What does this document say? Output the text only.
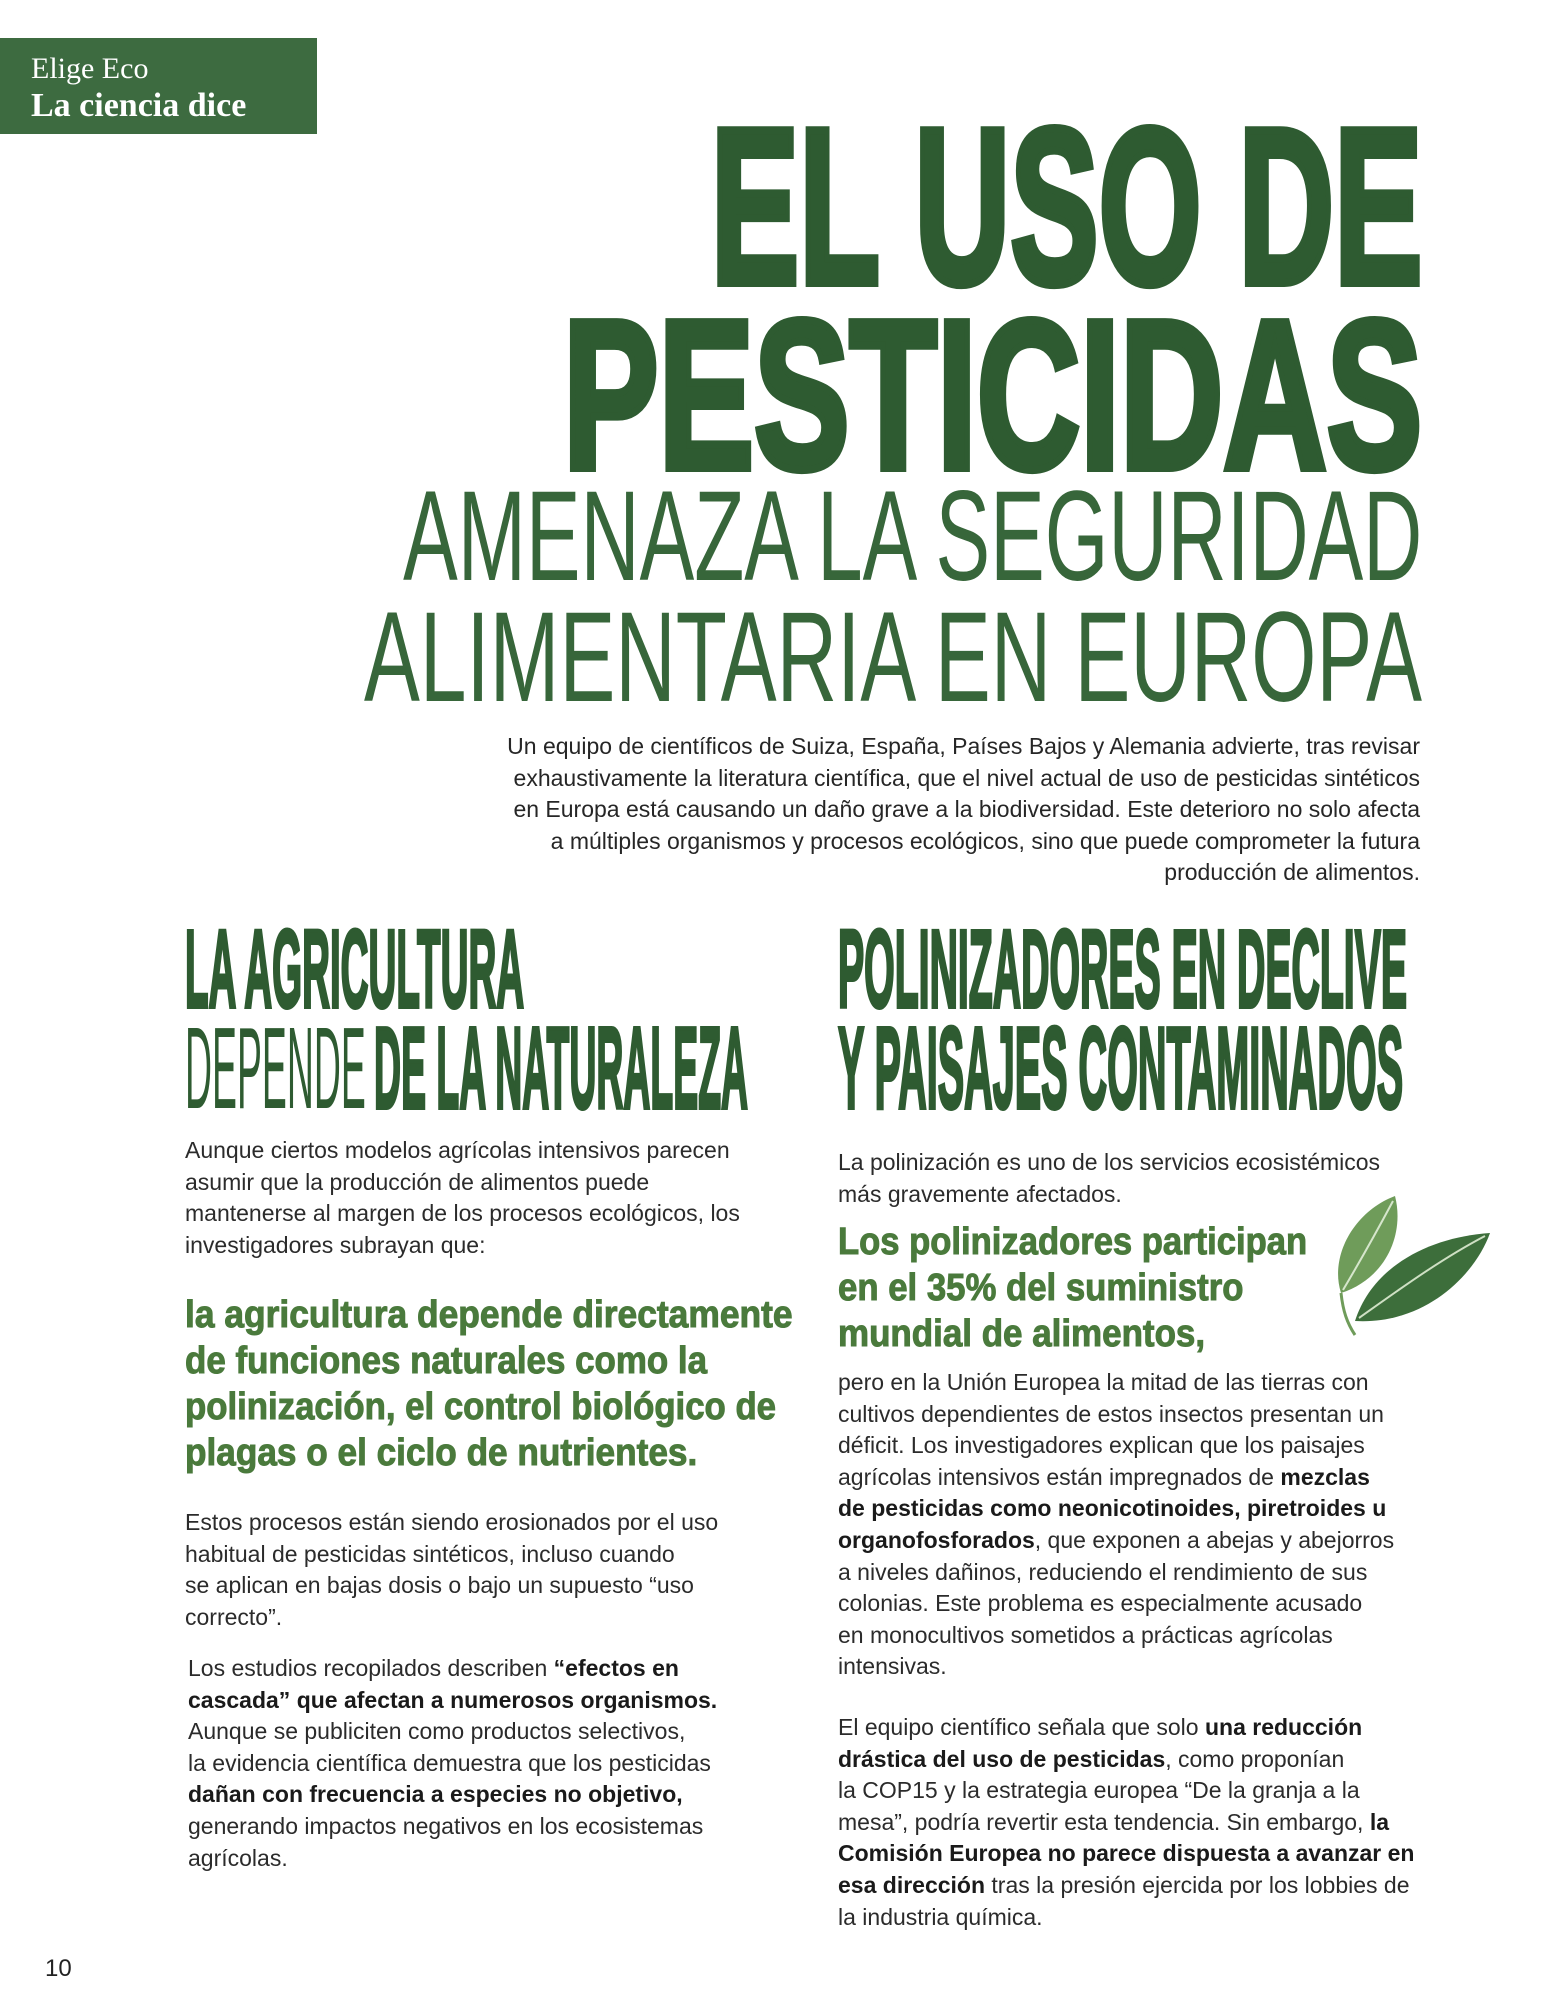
Elige Eco
La ciencia dice EL USO DE
PESTICIDAS
AMENAZA LA SEGURIDAD
ALIMENTARIA EN EUROPA
Un equipo de científicos de Suiza, España, Países Bajos y Alemania advierte, tras revisar
exhaustivamente la literatura científica, que el nivel actual de uso de pesticidas sintéticos
en Europa está causando un daño grave a la biodiversidad. Este deterioro no solo afecta
a múltiples organismos y procesos ecológicos, sino que puede comprometer la futura
producción de alimentos.
LA AGRICULTURA
DEPENDEDE LA NATURALEZA
Aunque ciertos modelos agrícolas intensivos parecen
asumir que la producción de alimentos puede
mantenerse al margen de los procesos ecológicos, los
investigadores subrayan que:
la agricultura depende directamente
de funciones naturales como la
polinización, el control biológico de
plagas o el ciclo de nutrientes.
Estos procesos están siendo erosionados por el uso
habitual de pesticidas sintéticos, incluso cuando
se aplican en bajas dosis o bajo un supuesto “uso
correcto”.
Los estudios recopilados describen “efectos en
cascada” que afectan a numerosos organismos.
Aunque se publiciten como productos selectivos,
la evidencia científica demuestra que los pesticidas
dañan con frecuencia a especies no objetivo,
generando impactos negativos en los ecosistemas
agrícolas.
POLINIZADORES EN DECLIVE
Y PAISAJES CONTAMINADOS
La polinización es uno de los servicios ecosistémicos
más gravemente afectados.
Los polinizadores participan
en el 35% del suministro
mundial de alimentos,
pero en la Unión Europea la mitad de las tierras con
cultivos dependientes de estos insectos presentan un
déficit. Los investigadores explican que los paisajes
agrícolas intensivos están impregnados de mezclas
de pesticidas como neonicotinoides, piretroides u
organofosforados, que exponen a abejas y abejorros
a niveles dañinos, reduciendo el rendimiento de sus
colonias. Este problema es especialmente acusado
en monocultivos sometidos a prácticas agrícolas
intensivas.
El equipo científico señala que solo una reducción
drástica del uso de pesticidas, como proponían
la COP15 y la estrategia europea “De la granja a la
mesa”, podría revertir esta tendencia. Sin embargo, la
Comisión Europea no parece dispuesta a avanzar en
esa dirección tras la presión ejercida por los lobbies de
la industria química.
10
